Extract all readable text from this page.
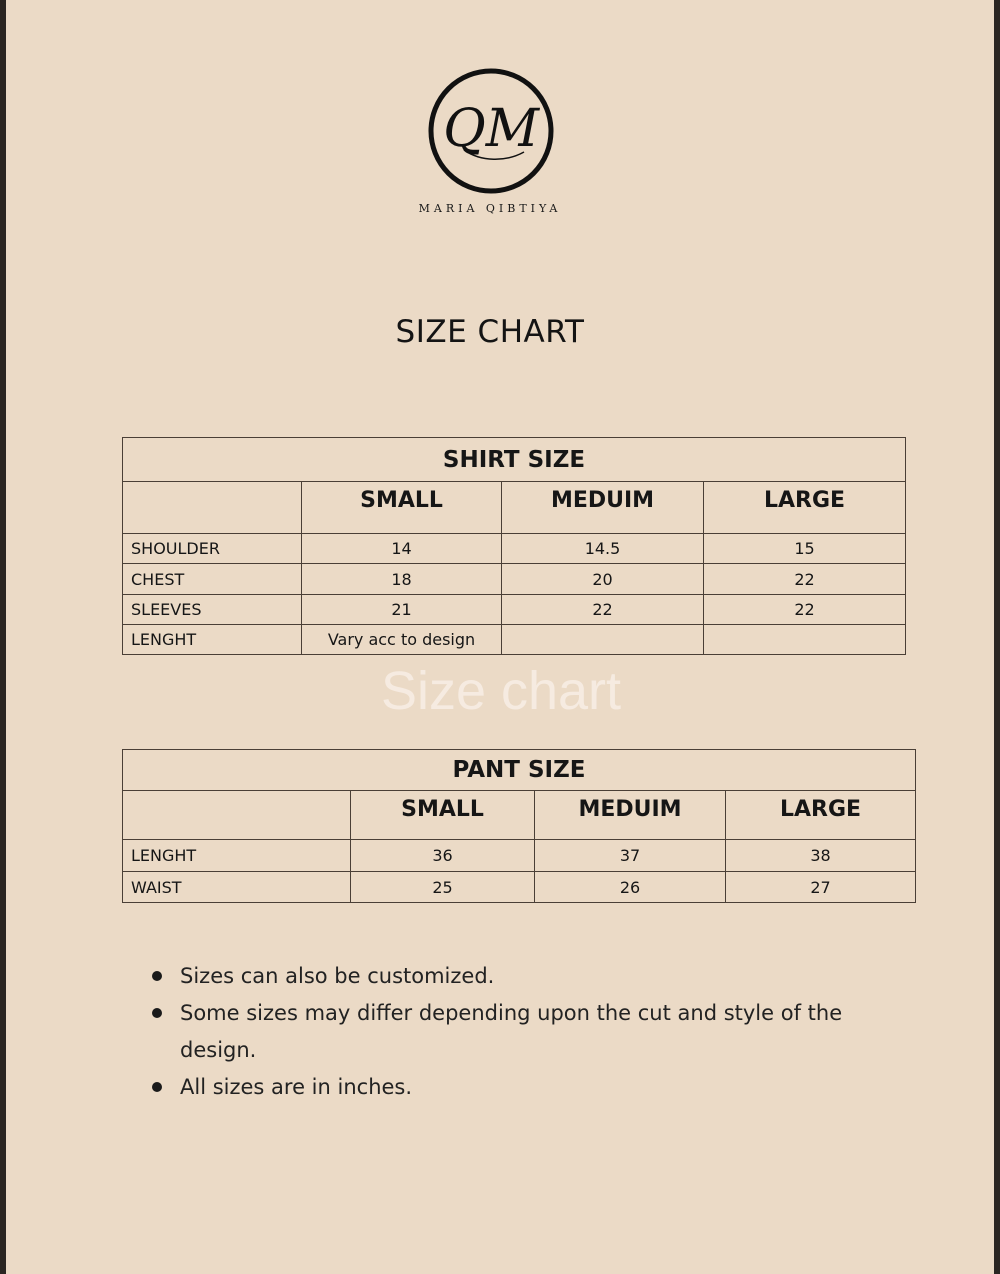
QM
MARIA QIBTIYA
SIZE CHART
SHIRT SIZE			
	SMALL	MEDUIM	LARGE
SHOULDER	14	14.5	15
CHEST	18	20	22
SLEEVES	21	22	22
LENGHT	Vary acc to design		
Size chart
PANT SIZE			
	SMALL	MEDUIM	LARGE
LENGHT	36	37	38
WAIST	25	26	27
Sizes can also be customized.
Some sizes may differ depending upon the cut and style of the design.
All sizes are in inches.
